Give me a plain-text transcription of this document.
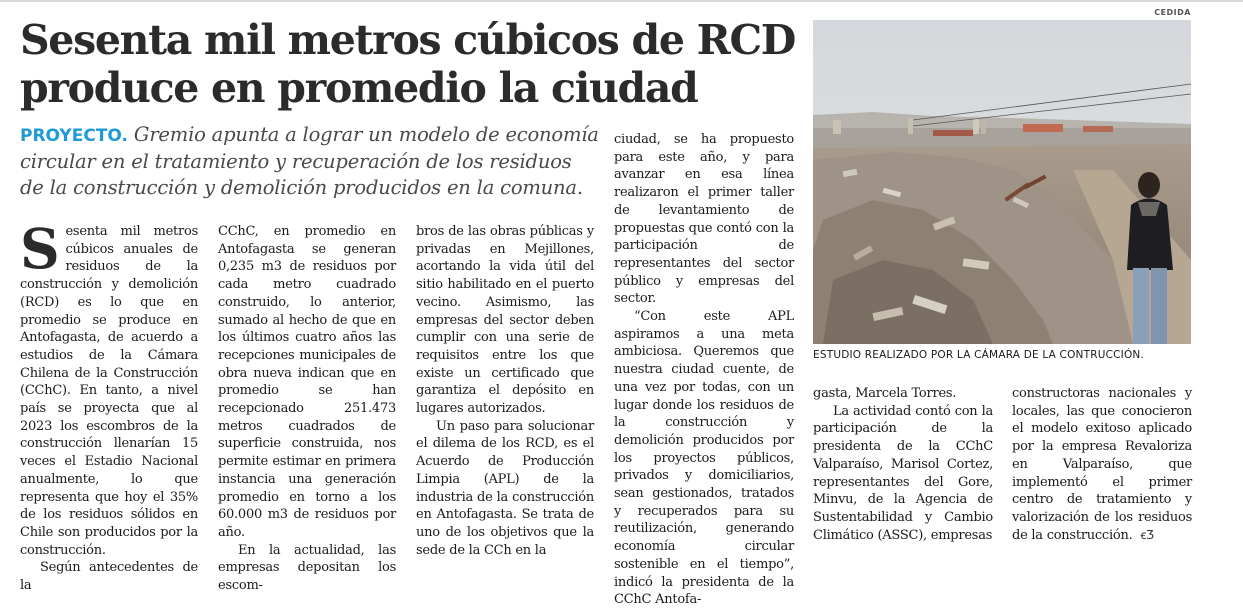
Sesenta mil metros cúbicos de RCD produce en promedio la ciudad
PROYECTO. Gremio apunta a lograr un modelo de economía circular en el tratamiento y recuperación de los residuos de la construcción y demolición producidos en la comuna.

Sesenta mil metros cúbicos anuales de residuos de la construcción y demolición (RCD) es lo que en promedio se produce en Antofagasta, de acuerdo a estudios de la Cámara Chilena de la Construcción (CChC). En tanto, a nivel país se proyecta que al 2023 los escombros de la construcción llenarían 15 veces el Estadio Nacional anualmente, lo que representa que hoy el 35% de los residuos sólidos en Chile son producidos por la construcción.

Según antecedentes de la

CChC, en promedio en Antofagasta se generan 0,235 m3 de residuos por cada metro cuadrado construido, lo anterior, sumado al hecho de que en los últimos cuatro años las recepciones municipales de obra nueva indican que en promedio se han recepcionado 251.473 metros cuadrados de superficie construida, nos permite estimar en primera instancia una generación promedio en torno a los 60.000 m3 de residuos por año.

En la actualidad, las empresas depositan los escom-

bros de las obras públicas y privadas en Mejillones, acortando la vida útil del sitio habilitado en el puerto vecino. Asimismo, las empresas del sector deben cumplir con una serie de requisitos entre los que existe un certificado que garantiza el depósito en lugares autorizados.

Un paso para solucionar el dilema de los RCD, es el Acuerdo de Producción Limpia (APL) de la industria de la construcción en Antofagasta. Se trata de uno de los objetivos que la sede de la CCh en la

ciudad, se ha propuesto para este año, y para avanzar en esa línea realizaron el primer taller de levantamiento de propuestas que contó con la participación de representantes del sector público y empresas del sector.

“Con este APL aspiramos a una meta ambiciosa. Queremos que nuestra ciudad cuente, de una vez por todas, con un lugar donde los residuos de la construcción y demolición producidos por los proyectos públicos, privados y domiciliarios, sean gestionados, tratados y recuperados para su reutilización, generando economía circular sostenible en el tiempo”, indicó la presidenta de la CChC Antofa-

CEDIDA
ESTUDIO REALIZADO POR LA CÁMARA DE LA CONTRUCCIÓN.

gasta, Marcela Torres.

La actividad contó con la participación de la presidenta de la CChC Valparaíso, Marisol Cortez, representantes del Gore, Minvu, de la Agencia de Sustentabilidad y Cambio Climático (ASSC), empresas

constructoras nacionales y locales, las que conocieron el modelo exitoso aplicado por la empresa Revaloriza en Valparaíso, que implementó el primer centro de tratamiento y valorización de los residuos de la construcción. ꞓƷ
